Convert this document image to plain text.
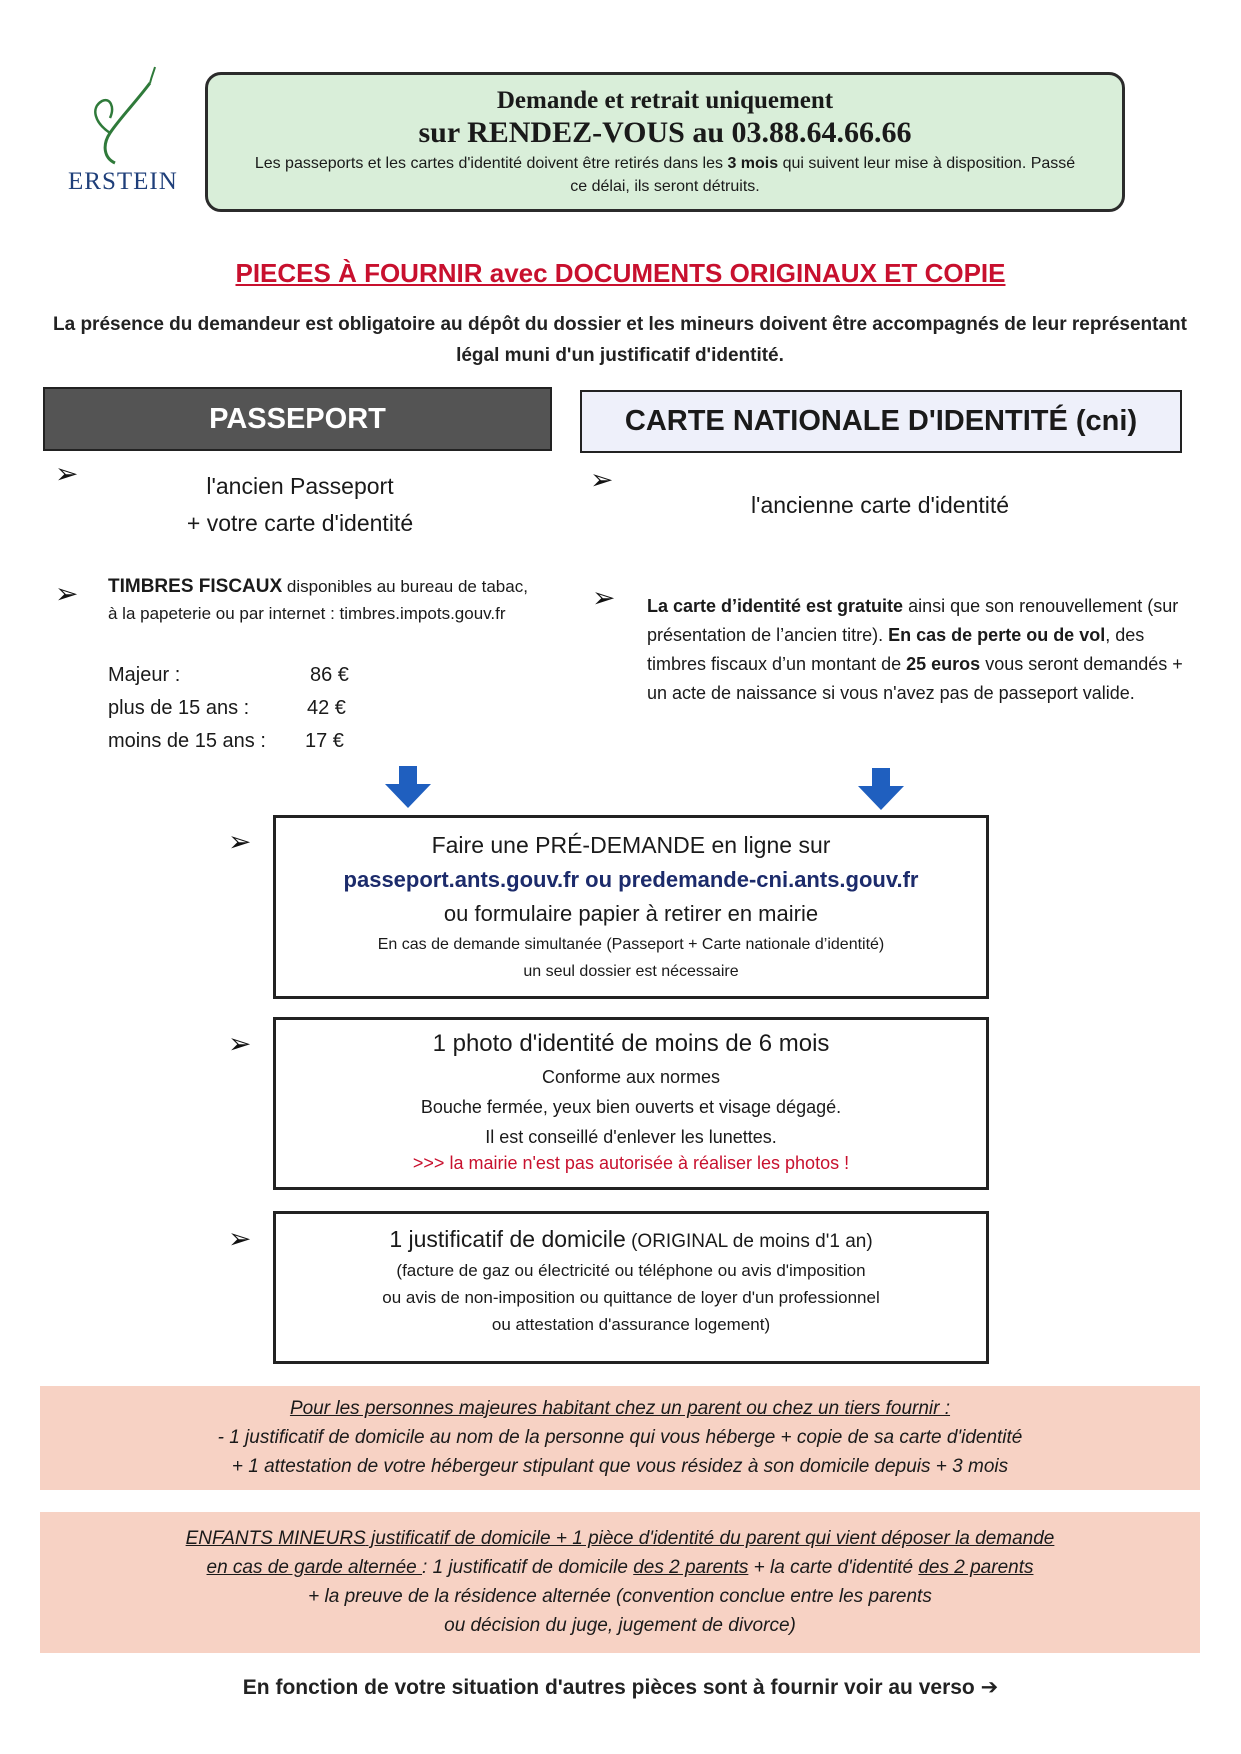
ERSTEIN
Demande et retrait uniquement
sur RENDEZ-VOUS au 03.88.64.66.66
Les passeports et les cartes d'identité doivent être retirés dans les 3 mois qui suivent leur mise à disposition. Passé ce délai, ils seront détruits.
PIECES À FOURNIR avec DOCUMENTS ORIGINAUX ET COPIE
La présence du demandeur est obligatoire au dépôt du dossier et les mineurs doivent être accompagnés de leur représentant légal muni d'un justificatif d'identité.
PASSEPORT	CARTE NATIONALE D'IDENTITÉ (cni)
➢	l'ancien Passeport
+ votre carte d'identité
➢ TIMBRES FISCAUX disponibles au bureau de tabac, à la papeterie ou par internet : timbres.impots.gouv.fr
Majeur :	86 €
plus de 15 ans :	42 €
moins de 15 ans : 17 €
➢
l'ancienne carte d'identité
➢ La carte d’identité est gratuite ainsi que son renouvellement (sur présentation de l’ancien titre). En cas de perte ou de vol, des timbres fiscaux d’un montant de 25 euros vous seront demandés + un acte de naissance si vous n'avez pas de passeport valide.
➢	Faire une PRÉ-DEMANDE en ligne sur
passeport.ants.gouv.fr ou predemande-cni.ants.gouv.fr
ou formulaire papier à retirer en mairie
En cas de demande simultanée (Passeport + Carte nationale d’identité)
un seul dossier est nécessaire
➢	1 photo d'identité de moins de 6 mois
Conforme aux normes
Bouche fermée, yeux bien ouverts et visage dégagé.
Il est conseillé d'enlever les lunettes.
>>> la mairie n'est pas autorisée à réaliser les photos !
➢	1 justificatif de domicile (ORIGINAL de moins d'1 an)
(facture de gaz ou électricité ou téléphone ou avis d'imposition
ou avis de non-imposition ou quittance de loyer d'un professionnel
ou attestation d'assurance logement)
Pour les personnes majeures habitant chez un parent ou chez un tiers fournir :
- 1 justificatif de domicile au nom de la personne qui vous héberge + copie de sa carte d'identité
+ 1 attestation de votre hébergeur stipulant que vous résidez à son domicile depuis + 3 mois
ENFANTS MINEURS justificatif de domicile + 1 pièce d'identité du parent qui vient déposer la demande
en cas de garde alternée : 1 justificatif de domicile des 2 parents + la carte d'identité des 2 parents
+ la preuve de la résidence alternée (convention conclue entre les parents
ou décision du juge, jugement de divorce)
En fonction de votre situation d'autres pièces sont à fournir voir au verso ➔
